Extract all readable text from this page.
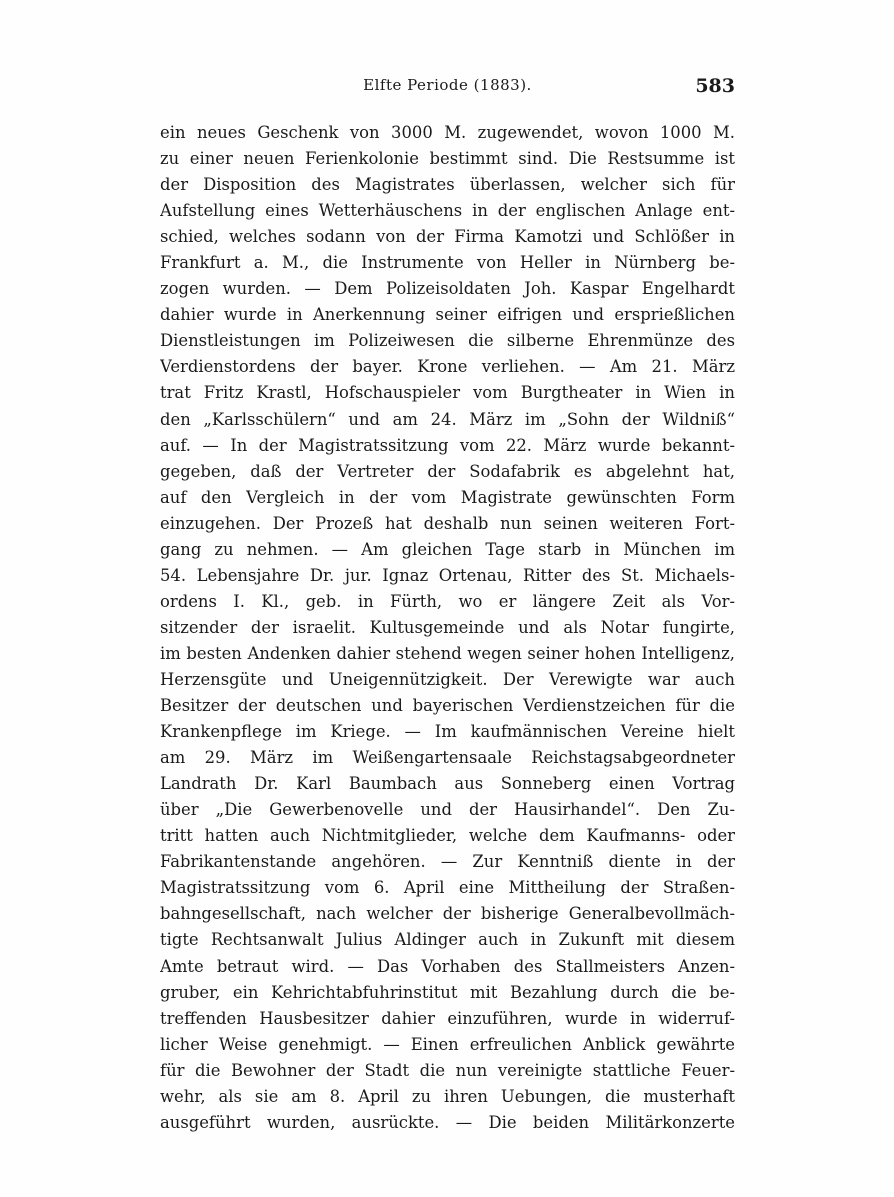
Elfte Periode (1883).	583
ein neues Geschenk von 3000 M. zugewendet, wovon 1000 M.
zu einer neuen Ferienkolonie bestimmt sind. Die Restsumme ist
der Disposition des Magistrates überlassen, welcher sich für
Aufstellung eines Wetterhäuschens in der englischen Anlage ent-
schied, welches sodann von der Firma Kamotzi und Schlößer in
Frankfurt a. M., die Instrumente von Heller in Nürnberg be-
zogen wurden. — Dem Polizeisoldaten Joh. Kaspar Engelhardt
dahier wurde in Anerkennung seiner eifrigen und ersprießlichen
Dienstleistungen im Polizeiwesen die silberne Ehrenmünze des
Verdienstordens der bayer. Krone verliehen. — Am 21. März
trat Fritz Krastl, Hofschauspieler vom Burgtheater in Wien in
den „Karlsschülern“ und am 24. März im „Sohn der Wildniß“
auf. — In der Magistratssitzung vom 22. März wurde bekannt-
gegeben, daß der Vertreter der Sodafabrik es abgelehnt hat,
auf den Vergleich in der vom Magistrate gewünschten Form
einzugehen. Der Prozeß hat deshalb nun seinen weiteren Fort-
gang zu nehmen. — Am gleichen Tage starb in München im
54. Lebensjahre Dr. jur. Ignaz Ortenau, Ritter des St. Michaels-
ordens I. Kl., geb. in Fürth, wo er längere Zeit als Vor-
sitzender der israelit. Kultusgemeinde und als Notar fungirte,
im besten Andenken dahier stehend wegen seiner hohen Intelligenz,
Herzensgüte und Uneigennützigkeit. Der Verewigte war auch
Besitzer der deutschen und bayerischen Verdienstzeichen für die
Krankenpflege im Kriege. — Im kaufmännischen Vereine hielt
am 29. März im Weißengartensaale Reichstagsabgeordneter
Landrath Dr. Karl Baumbach aus Sonneberg einen Vortrag
über „Die Gewerbenovelle und der Hausirhandel“. Den Zu-
tritt hatten auch Nichtmitglieder, welche dem Kaufmanns- oder
Fabrikantenstande angehören. — Zur Kenntniß diente in der
Magistratssitzung vom 6. April eine Mittheilung der Straßen-
bahngesellschaft, nach welcher der bisherige Generalbevollmäch-
tigte Rechtsanwalt Julius Aldinger auch in Zukunft mit diesem
Amte betraut wird. — Das Vorhaben des Stallmeisters Anzen-
gruber, ein Kehrichtabfuhrinstitut mit Bezahlung durch die be-
treffenden Hausbesitzer dahier einzuführen, wurde in widerruf-
licher Weise genehmigt. — Einen erfreulichen Anblick gewährte
für die Bewohner der Stadt die nun vereinigte stattliche Feuer-
wehr, als sie am 8. April zu ihren Uebungen, die musterhaft
ausgeführt wurden, ausrückte. — Die beiden Militärkonzerte
